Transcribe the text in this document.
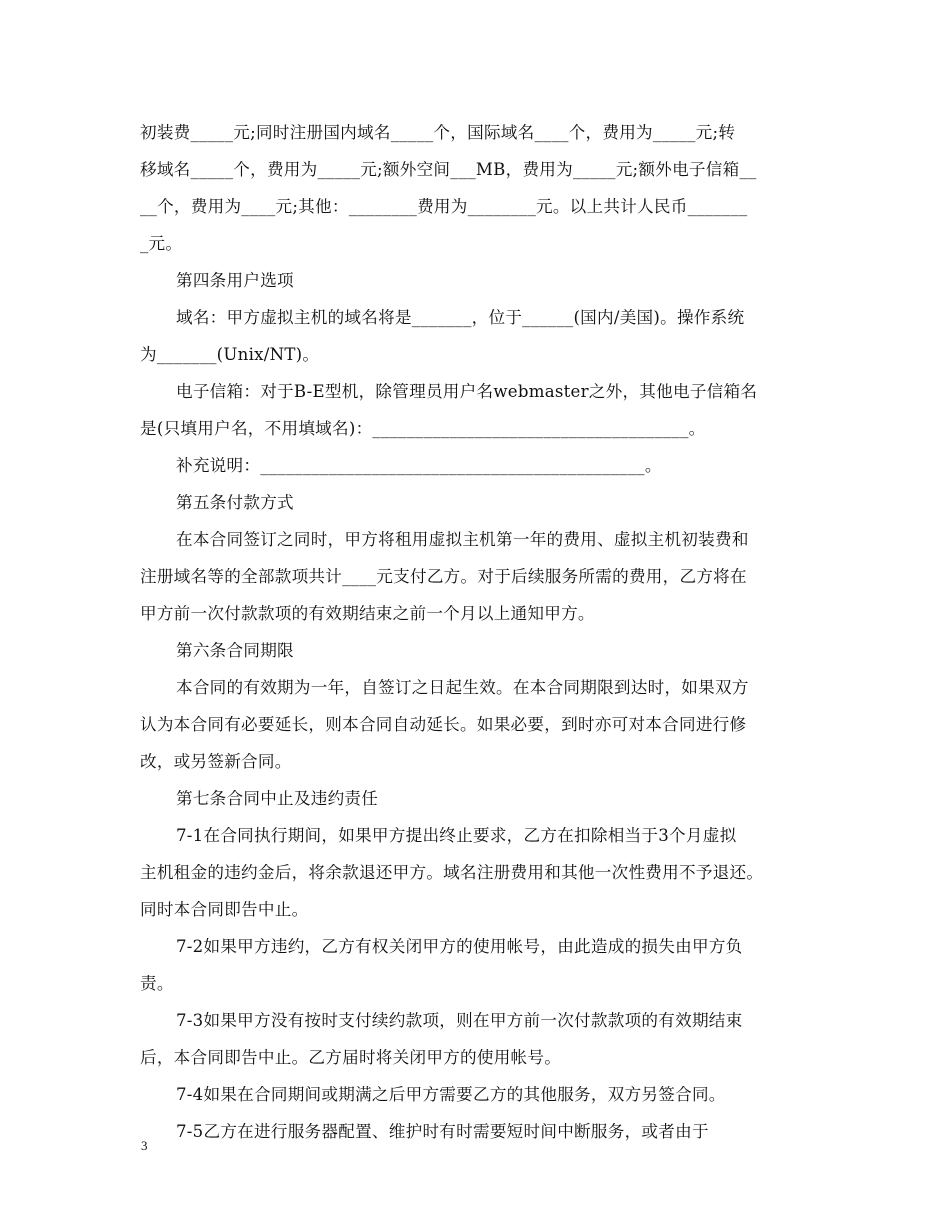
初装费_____元;同时注册国内域名_____个，国际域名____个，费用为_____元;转
移域名_____个，费用为_____元;额外空间___MB，费用为_____元;额外电子信箱__
__个，费用为____元;其他：________费用为________元。以上共计人民币_______
_元。
第四条用户选项
域名：甲方虚拟主机的域名将是_______，位于______(国内/美国)。操作系统
为_______(Unix/NT)。
电子信箱：对于B-E型机，除管理员用户名webmaster之外，其他电子信箱名
是(只填用户名，不用填域名)：_____________________________________。
补充说明：_____________________________________________。
第五条付款方式
在本合同签订之同时，甲方将租用虚拟主机第一年的费用、虚拟主机初装费和
注册域名等的全部款项共计____元支付乙方。对于后续服务所需的费用，乙方将在
甲方前一次付款款项的有效期结束之前一个月以上通知甲方。
第六条合同期限
本合同的有效期为一年，自签订之日起生效。在本合同期限到达时，如果双方
认为本合同有必要延长，则本合同自动延长。如果必要，到时亦可对本合同进行修
改，或另签新合同。
第七条合同中止及违约责任
7-1在合同执行期间，如果甲方提出终止要求，乙方在扣除相当于3个月虚拟
主机租金的违约金后，将余款退还甲方。域名注册费用和其他一次性费用不予退还。
同时本合同即告中止。
7-2如果甲方违约，乙方有权关闭甲方的使用帐号，由此造成的损失由甲方负
责。
7-3如果甲方没有按时支付续约款项，则在甲方前一次付款款项的有效期结束
后，本合同即告中止。乙方届时将关闭甲方的使用帐号。
7-4如果在合同期间或期满之后甲方需要乙方的其他服务，双方另签合同。
7-5乙方在进行服务器配置、维护时有时需要短时间中断服务，或者由于
3
